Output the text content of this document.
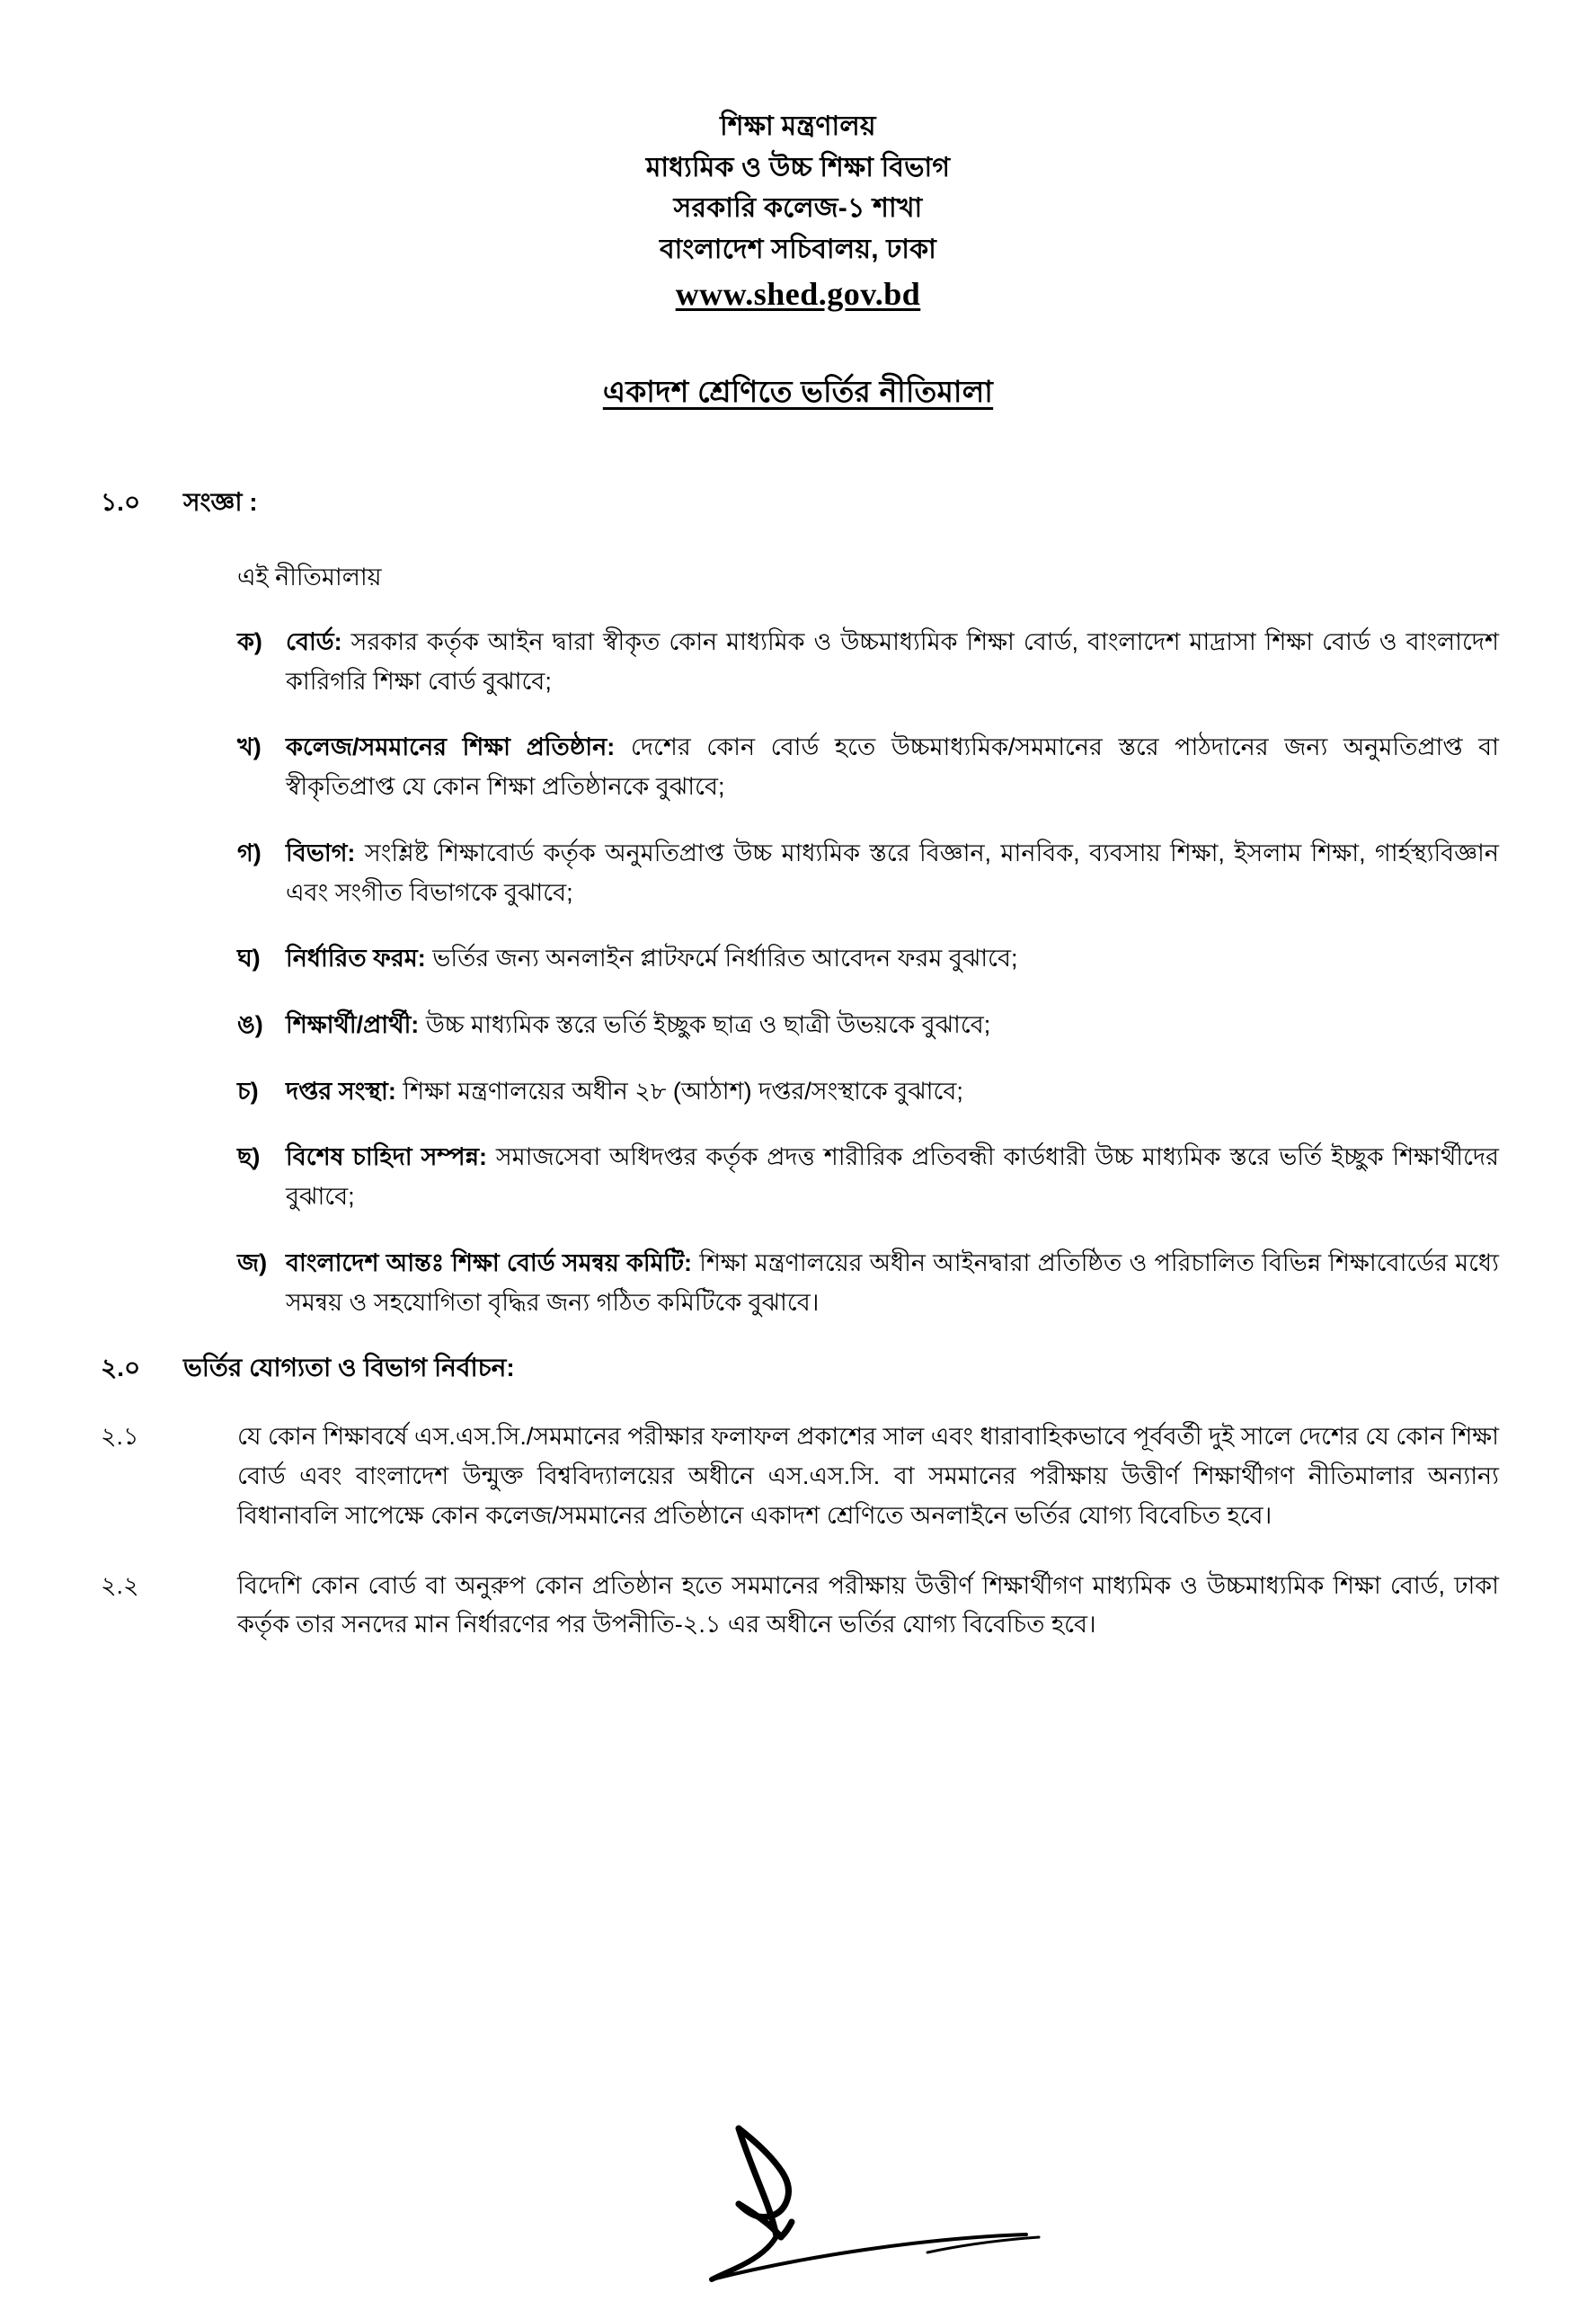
শিক্ষা মন্ত্রণালয়
মাধ্যমিক ও উচ্চ শিক্ষা বিভাগ
সরকারি কলেজ-১ শাখা
বাংলাদেশ সচিবালয়, ঢাকা
www.shed.gov.bd
একাদশ শ্রেণিতে ভর্তির নীতিমালা
১.০	সংজ্ঞা :
এই নীতিমালায়
ক) বোর্ড: সরকার কর্তৃক আইন দ্বারা স্বীকৃত কোন মাধ্যমিক ও উচ্চমাধ্যমিক শিক্ষা বোর্ড, বাংলাদেশ মাদ্রাসা শিক্ষা বোর্ড ও বাংলাদেশ কারিগরি শিক্ষা বোর্ড বুঝাবে;
খ)	কলেজ/সমমানের শিক্ষা প্রতিষ্ঠান: দেশের কোন বোর্ড হতে উচ্চমাধ্যমিক/সমমানের স্তরে পাঠদানের জন্য অনুমতিপ্রাপ্ত বা স্বীকৃতিপ্রাপ্ত যে কোন শিক্ষা প্রতিষ্ঠানকে বুঝাবে;
গ)	বিভাগ: সংশ্লিষ্ট শিক্ষাবোর্ড কর্তৃক অনুমতিপ্রাপ্ত উচ্চ মাধ্যমিক স্তরে বিজ্ঞান, মানবিক, ব্যবসায় শিক্ষা, ইসলাম শিক্ষা, গার্হস্থ্যবিজ্ঞান এবং সংগীত বিভাগকে বুঝাবে;
ঘ)	নির্ধারিত ফরম: ভর্তির জন্য অনলাইন প্লাটফর্মে নির্ধারিত আবেদন ফরম বুঝাবে;
ঙ) শিক্ষার্থী/প্রার্থী: উচ্চ মাধ্যমিক স্তরে ভর্তি ইচ্ছুক ছাত্র ও ছাত্রী উভয়কে বুঝাবে;
চ)	দপ্তর সংস্থা: শিক্ষা মন্ত্রণালয়ের অধীন ২৮ (আঠাশ) দপ্তর/সংস্থাকে বুঝাবে;
ছ)	বিশেষ চাহিদা সম্পন্ন: সমাজসেবা অধিদপ্তর কর্তৃক প্রদত্ত শারীরিক প্রতিবন্ধী কার্ডধারী উচ্চ মাধ্যমিক স্তরে ভর্তি ইচ্ছুক শিক্ষার্থীদের বুঝাবে;
জ) বাংলাদেশ আন্তঃ শিক্ষা বোর্ড সমন্বয় কমিটি: শিক্ষা মন্ত্রণালয়ের অধীন আইনদ্বারা প্রতিষ্ঠিত ও পরিচালিত বিভিন্ন শিক্ষাবোর্ডের মধ্যে সমন্বয় ও সহযোগিতা বৃদ্ধির জন্য গঠিত কমিটিকে বুঝাবে।
২.০	ভর্তির যোগ্যতা ও বিভাগ নির্বাচন:
২.১	যে কোন শিক্ষাবর্ষে এস.এস.সি./সমমানের পরীক্ষার ফলাফল প্রকাশের সাল এবং ধারাবাহিকভাবে পূর্ববর্তী দুই সালে দেশের যে কোন শিক্ষা বোর্ড এবং বাংলাদেশ উন্মুক্ত বিশ্ববিদ্যালয়ের অধীনে এস.এস.সি. বা সমমানের পরীক্ষায় উত্তীর্ণ শিক্ষার্থীগণ নীতিমালার অন্যান্য বিধানাবলি সাপেক্ষে কোন কলেজ/সমমানের প্রতিষ্ঠানে একাদশ শ্রেণিতে অনলাইনে ভর্তির যোগ্য বিবেচিত হবে।
২.২	বিদেশি কোন বোর্ড বা অনুরুপ কোন প্রতিষ্ঠান হতে সমমানের পরীক্ষায় উত্তীর্ণ শিক্ষার্থীগণ মাধ্যমিক ও উচ্চমাধ্যমিক শিক্ষা বোর্ড, ঢাকা কর্তৃক তার সনদের মান নির্ধারণের পর উপনীতি-২.১ এর অধীনে ভর্তির যোগ্য বিবেচিত হবে।
